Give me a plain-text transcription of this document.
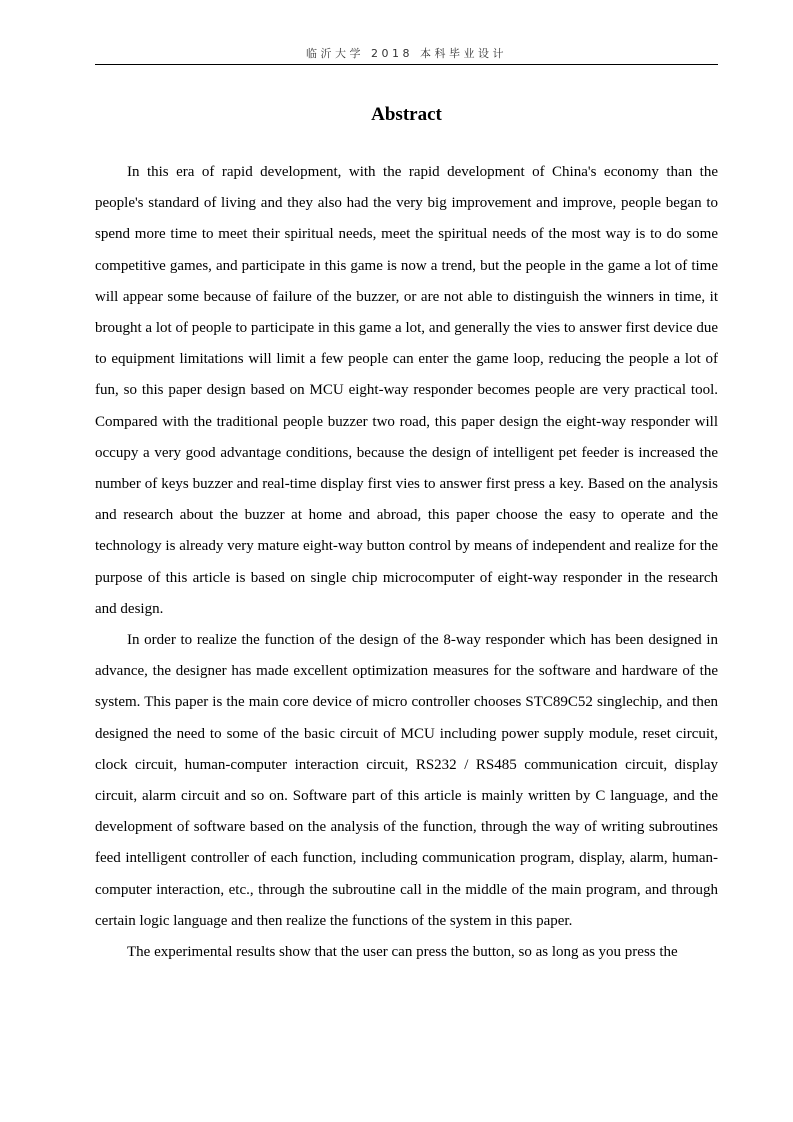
临沂大学 2018 本科毕业设计
Abstract

In this era of rapid development, with the rapid development of China's economy than the people's standard of living and they also had the very big improvement and improve, people began to spend more time to meet their spiritual needs, meet the spiritual needs of the most way is to do some competitive games, and participate in this game is now a trend, but the people in the game a lot of time will appear some because of failure of the buzzer, or are not able to distinguish the winners in time, it brought a lot of people to participate in this game a lot, and generally the vies to answer first device due to equipment limitations will limit a few people can enter the game loop, reducing the people a lot of fun, so this paper design based on MCU eight-way responder becomes people are very practical tool. Compared with the traditional people buzzer two road, this paper design the eight-way responder will occupy a very good advantage conditions, because the design of intelligent pet feeder is increased the number of keys buzzer and real-time display first vies to answer first press a key. Based on the analysis and research about the buzzer at home and abroad, this paper choose the easy to operate and the technology is already very mature eight-way button control by means of independent and realize for the purpose of this article is based on single chip microcomputer of eight-way responder in the research and design.

In order to realize the function of the design of the 8-way responder which has been designed in advance, the designer has made excellent optimization measures for the software and hardware of the system. This paper is the main core device of micro controller chooses STC89C52 singlechip, and then designed the need to some of the basic circuit of MCU including power supply module, reset circuit, clock circuit, human-computer interaction circuit, RS232 / RS485 communication circuit, display circuit, alarm circuit and so on. Software part of this article is mainly written by C language, and the development of software based on the analysis of the function, through the way of writing subroutines feed intelligent controller of each function, including communication program, display, alarm, human-computer interaction, etc., through the subroutine call in the middle of the main program, and through certain logic language and then realize the functions of the system in this paper.

The experimental results show that the user can press the button, so as long as you press the
